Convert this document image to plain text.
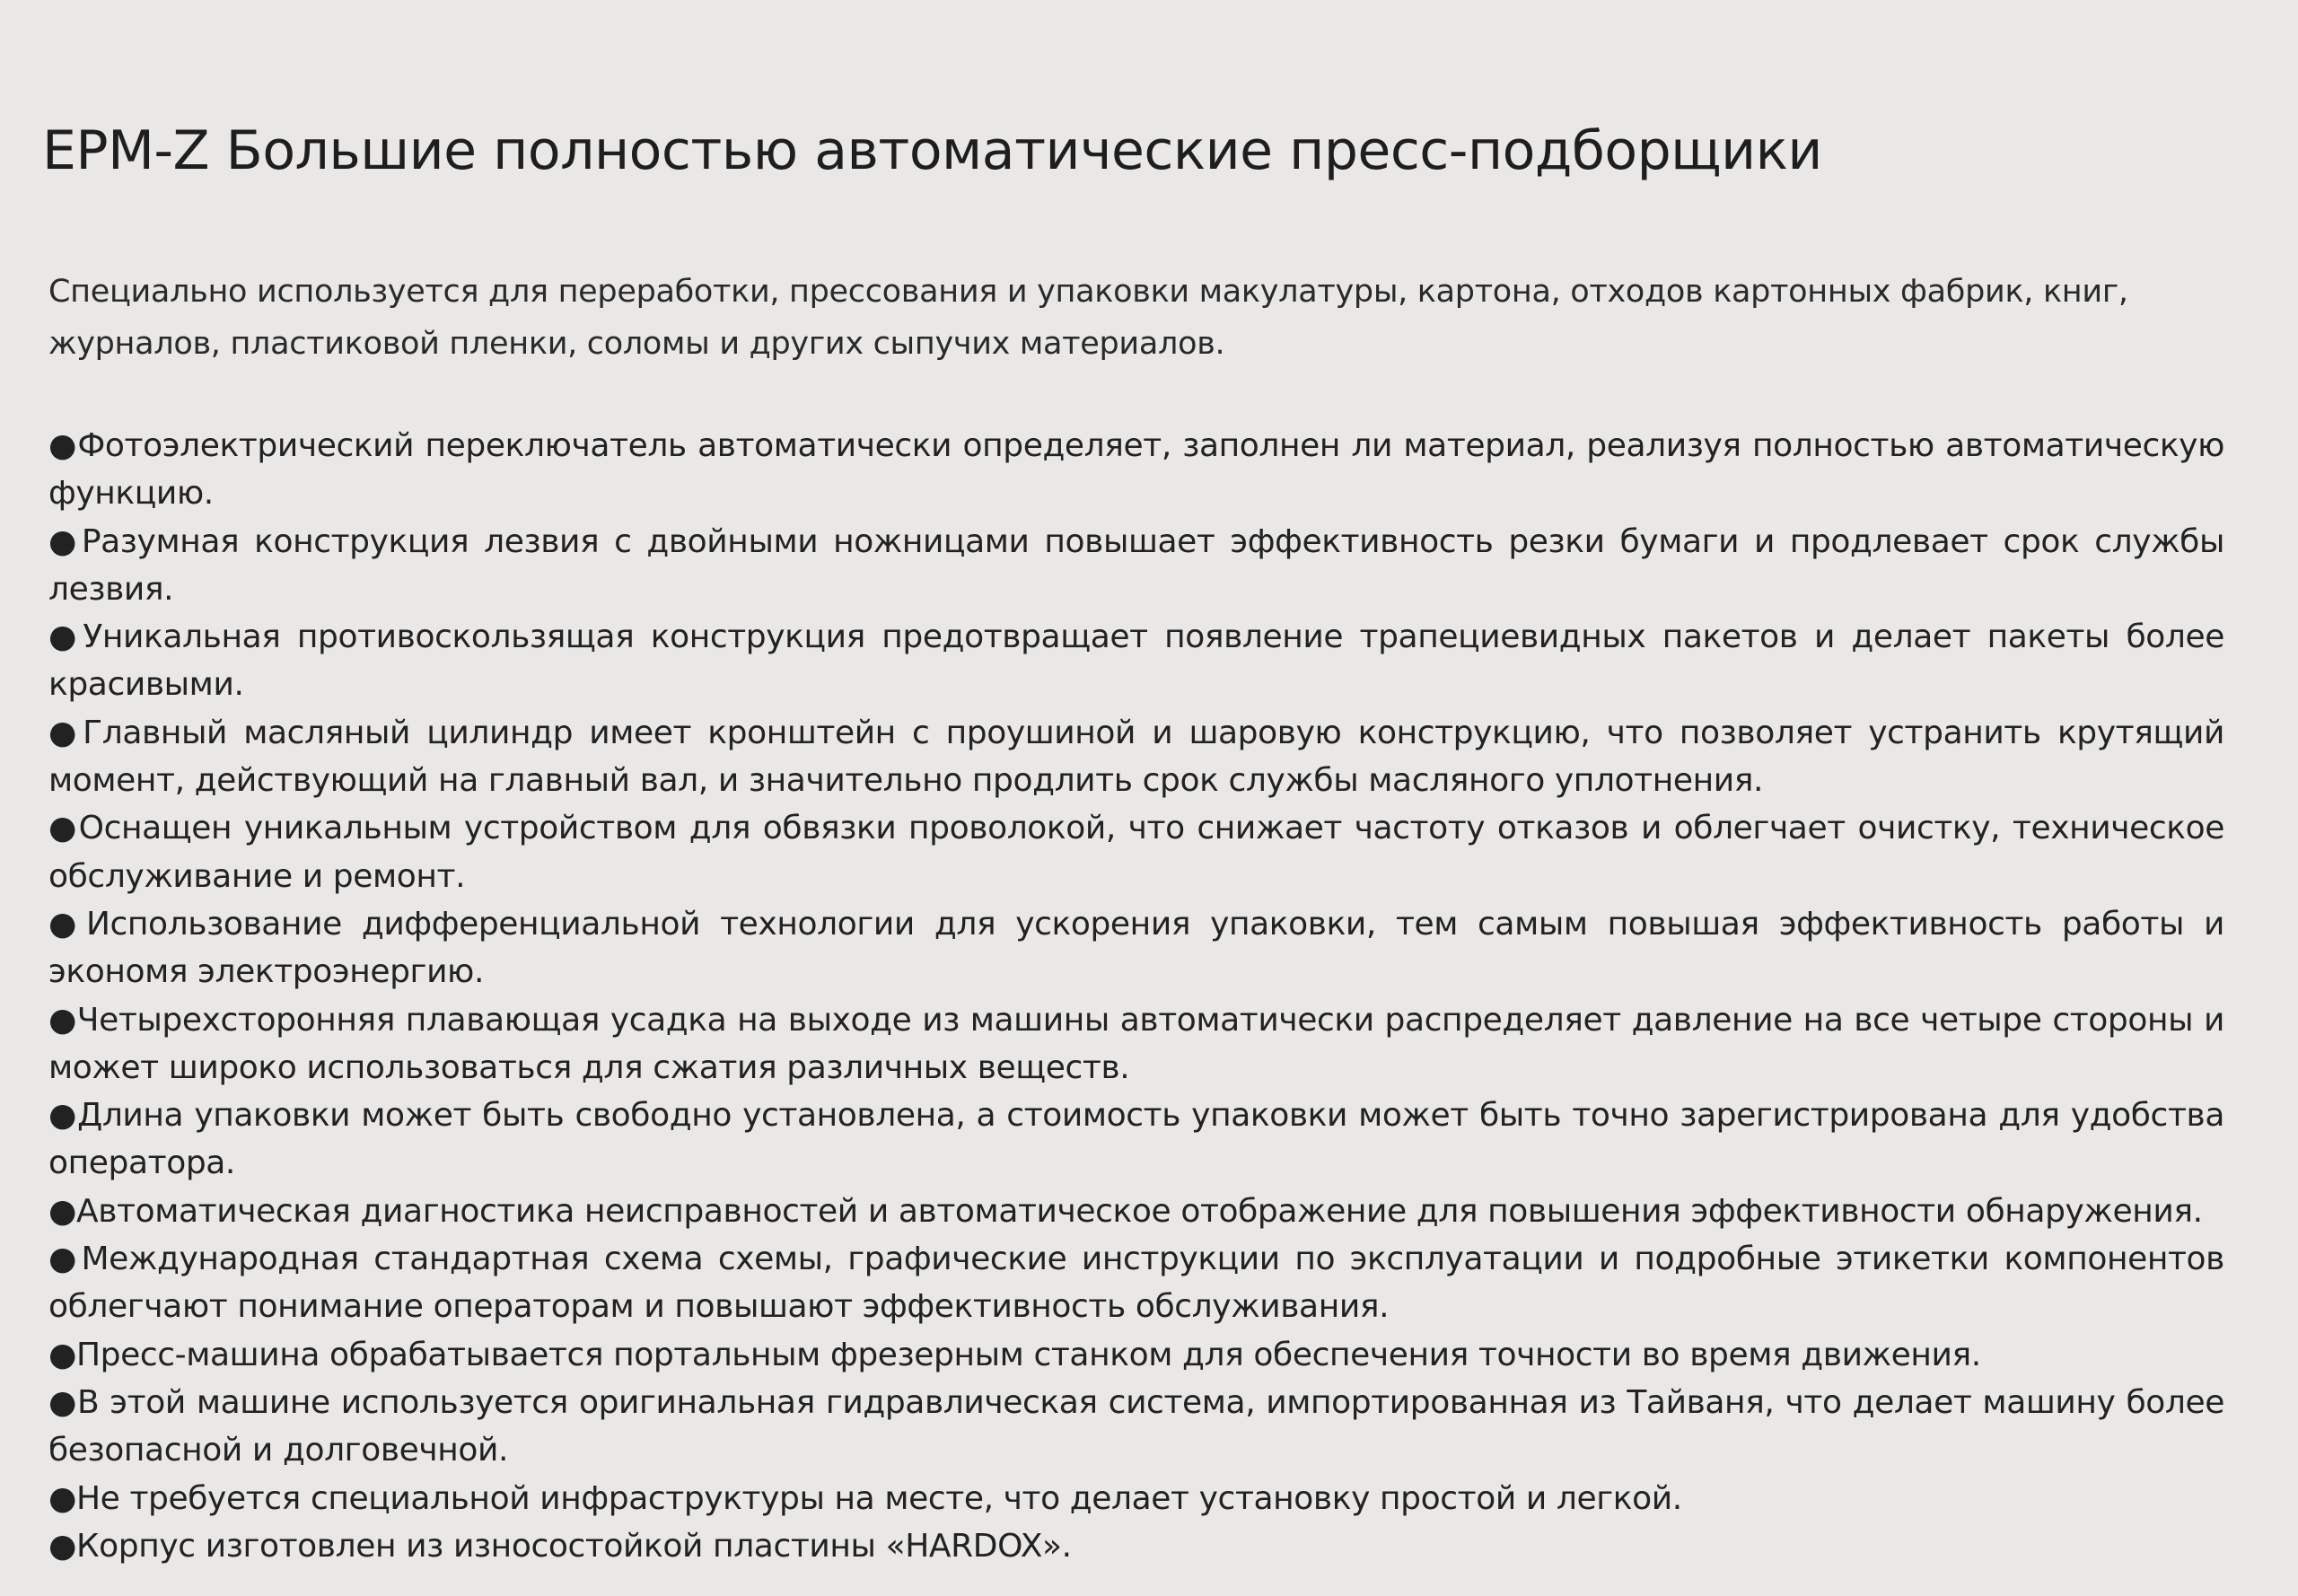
EPM-Z Большие полностью автоматические пресс-подборщики

Специально используется для переработки, прессования и упаковки макулатуры, картона, отходов картонных фабрик, книг, журналов, пластиковой пленки, соломы и других сыпучих материалов.

●Фотоэлектрический переключатель автоматически определяет, заполнен ли материал, реализуя полностью автоматическую функцию.
●Разумная конструкция лезвия с двойными ножницами повышает эффективность резки бумаги и продлевает срок службы лезвия.
●Уникальная противоскользящая конструкция предотвращает появление трапециевидных пакетов и делает пакеты более красивыми.
●Главный масляный цилиндр имеет кронштейн с проушиной и шаровую конструкцию, что позволяет устранить крутящий момент, действующий на главный вал, и значительно продлить срок службы масляного уплотнения.
●Оснащен уникальным устройством для обвязки проволокой, что снижает частоту отказов и облегчает очистку, техническое обслуживание и ремонт.
●Использование дифференциальной технологии для ускорения упаковки, тем самым повышая эффективность работы и экономя электроэнергию.
●Четырехсторонняя плавающая усадка на выходе из машины автоматически распределяет давление на все четыре стороны и может широко использоваться для сжатия различных веществ.
●Длина упаковки может быть свободно установлена, а стоимость упаковки может быть точно зарегистрирована для удобства оператора.
●Автоматическая диагностика неисправностей и автоматическое отображение для повышения эффективности обнаружения.
●Международная стандартная схема схемы, графические инструкции по эксплуатации и подробные этикетки компонентов облегчают понимание операторам и повышают эффективность обслуживания.
●Пресс-машина обрабатывается портальным фрезерным станком для обеспечения точности во время движения.
●В этой машине используется оригинальная гидравлическая система, импортированная из Тайваня, что делает машину более безопасной и долговечной.
●Не требуется специальной инфраструктуры на месте, что делает установку простой и легкой.
●Корпус изготовлен из износостойкой пластины «HARDOX».
